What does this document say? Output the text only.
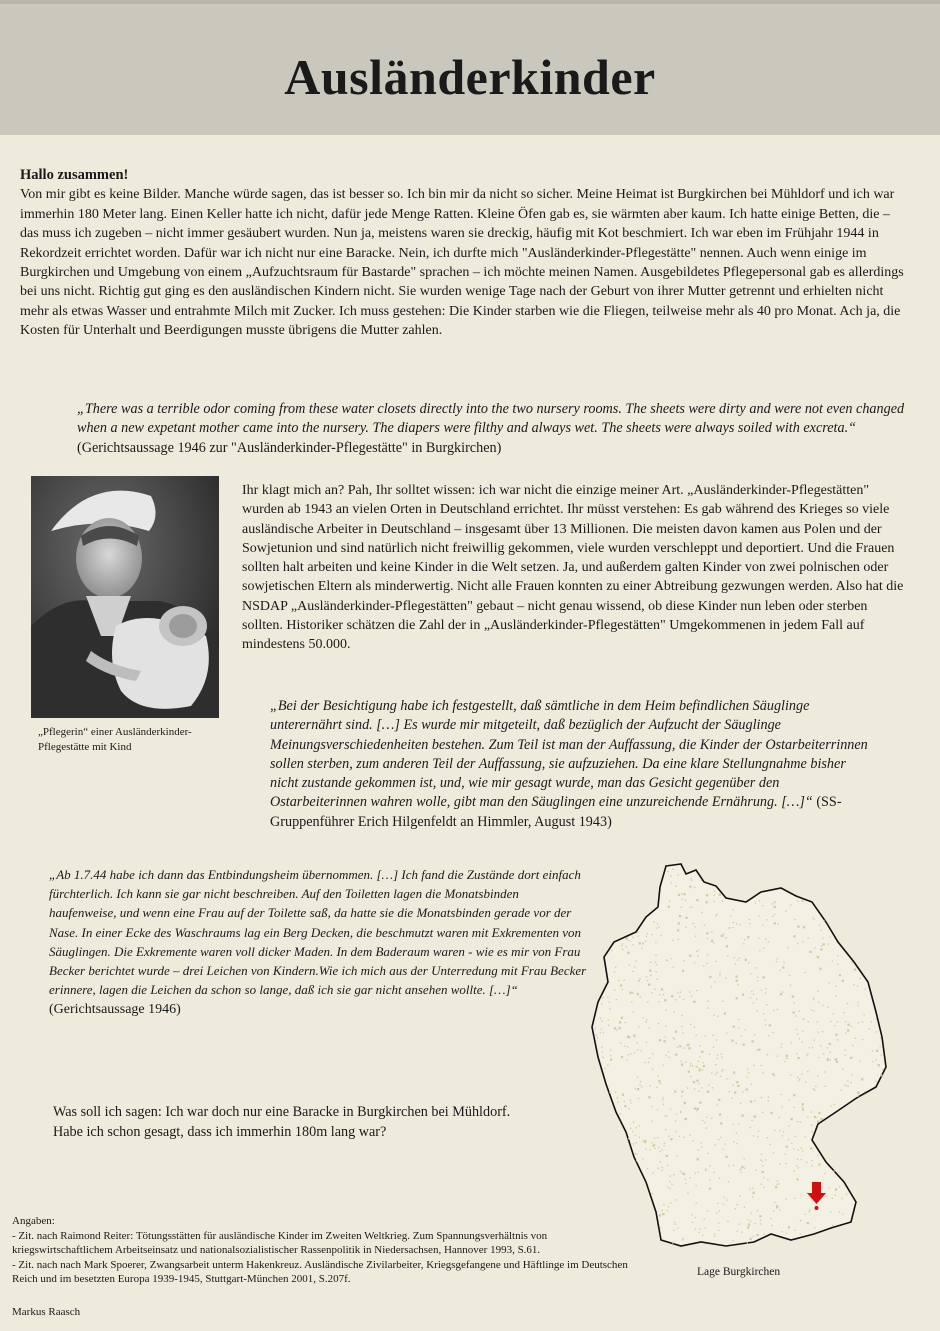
Ausländerkinder
Hallo zusammen!
Von mir gibt es keine Bilder. Manche würde sagen, das ist besser so. Ich bin mir da nicht so sicher. Meine Heimat ist Burgkirchen bei Mühldorf und ich war immerhin 180 Meter lang. Einen Keller hatte ich nicht, dafür jede Menge Ratten. Kleine Öfen gab es, sie wärmten aber kaum. Ich hatte einige Betten, die – das muss ich zugeben – nicht immer gesäubert wurden. Nun ja, meistens waren sie dreckig, häufig mit Kot beschmiert. Ich war eben im Frühjahr 1944 in Rekordzeit errichtet worden. Dafür war ich nicht nur eine Baracke. Nein, ich durfte mich "Ausländerkinder-Pflegestätte" nennen. Auch wenn einige im Burgkirchen und Umgebung von einem „Aufzuchtsraum für Bastarde" sprachen – ich möchte meinen Namen. Ausgebildetes Pflegepersonal gab es allerdings bei uns nicht. Richtig gut ging es den ausländischen Kindern nicht. Sie wurden wenige Tage nach der Geburt von ihrer Mutter getrennt und erhielten nicht mehr als etwas Wasser und entrahmte Milch mit Zucker. Ich muss gestehen: Die Kinder starben wie die Fliegen, teilweise mehr als 40 pro Monat. Ach ja, die Kosten für Unterhalt und Beerdigungen musste übrigens die Mutter zahlen.
„There was a terrible odor coming from these water closets directly into the two nursery rooms. The sheets were dirty and were not even changed when a new expetant mother came into the nursery. The diapers were filthy and always wet. The sheets were always soiled with excreta.“ (Gerichtsaussage 1946 zur "Ausländerkinder-Pflegestätte" in Burgkirchen)
„Pflegerin“ einer Ausländerkinder-Pflegestätte mit Kind
Ihr klagt mich an? Pah, Ihr solltet wissen: ich war nicht die einzige meiner Art. „Ausländerkinder-Pflegestätten" wurden ab 1943 an vielen Orten in Deutschland errichtet. Ihr müsst verstehen: Es gab während des Krieges so viele ausländische Arbeiter in Deutschland – insgesamt über 13 Millionen. Die meisten davon kamen aus Polen und der Sowjetunion und sind natürlich nicht freiwillig gekommen, viele wurden verschleppt und deportiert. Und die Frauen sollten halt arbeiten und keine Kinder in die Welt setzen. Ja, und außerdem galten Kinder von zwei polnischen oder sowjetischen Eltern als minderwertig. Nicht alle Frauen konnten zu einer Abtreibung gezwungen werden. Also hat die NSDAP „Ausländerkinder-Pflegestätten" gebaut – nicht genau wissend, ob diese Kinder nun leben oder sterben sollten. Historiker schätzen die Zahl der in „Ausländerkinder-Pflegestätten" Umgekommenen in jedem Fall auf mindestens 50.000.
„Bei der Besichtigung habe ich festgestellt, daß sämtliche in dem Heim befindlichen Säuglinge unterernährt sind. […] Es wurde mir mitgeteilt, daß bezüglich der Aufzucht der Säuglinge Meinungsverschiedenheiten bestehen. Zum Teil ist man der Auffassung, die Kinder der Ostarbeiterrinnen sollen sterben, zum anderen Teil der Auffassung, sie aufzuziehen. Da eine klare Stellungnahme bisher nicht zustande gekommen ist, und, wie mir gesagt wurde, man das Gesicht gegenüber den Ostarbeiterinnen wahren wolle, gibt man den Säuglingen eine unzureichende Ernährung. […]“ (SS-Gruppenführer Erich Hilgenfeldt an Himmler, August 1943)
„Ab 1.7.44 habe ich dann das Entbindungsheim übernommen. […] Ich fand die Zustände dort einfach fürchterlich. Ich kann sie gar nicht beschreiben. Auf den Toiletten lagen die Monatsbinden haufenweise, und wenn eine Frau auf der Toilette saß, da hatte sie die Monatsbinden gerade vor der Nase. In einer Ecke des Waschraums lag ein Berg Decken, die beschmutzt waren mit Exkrementen von Säuglingen. Die Exkremente waren voll dicker Maden. In dem Baderaum waren - wie es mir von Frau Becker berichtet wurde – drei Leichen von Kindern.Wie ich mich aus der Unterredung mit Frau Becker erinnere, lagen die Leichen da schon so lange, daß ich sie gar nicht ansehen wollte. […]“ (Gerichtsaussage 1946)
Was soll ich sagen: Ich war doch nur eine Baracke in Burgkirchen bei Mühldorf.
Habe ich schon gesagt, dass ich immerhin 180m lang war?
Lage Burgkirchen
Angaben:
- Zit. nach Raimond Reiter: Tötungsstätten für ausländische Kinder im Zweiten Weltkrieg. Zum Spannungsverhältnis von kriegswirtschaftlichem Arbeitseinsatz und nationalsozialistischer Rassenpolitik in Niedersachsen, Hannover 1993, S.61.
- Zit. nach nach Mark Spoerer, Zwangsarbeit unterm Hakenkreuz. Ausländische Zivilarbeiter, Kriegsgefangene und Häftlinge im Deutschen Reich und im besetzten Europa 1939-1945, Stuttgart-München 2001, S.207f.
Markus Raasch
